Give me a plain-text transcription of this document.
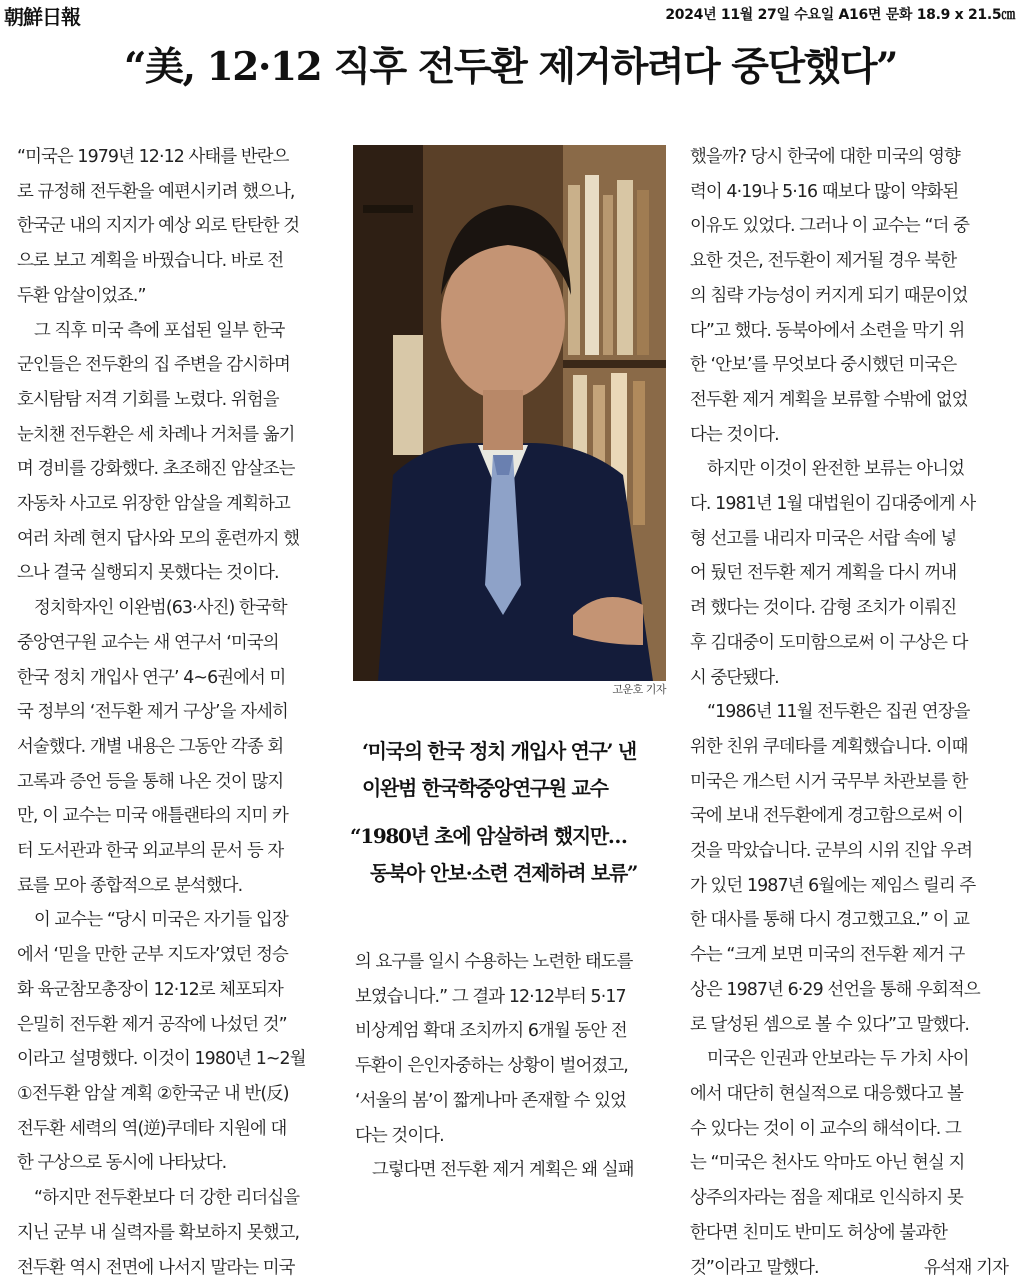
朝鮮日報	2024년 11월 27일 수요일 A16면 문화 18.9 x 21.5㎝
“美, 12·12 직후 전두환 제거하려다 중단했다”

“미국은 1979년 12·12 사태를 반란으

로 규정해 전두환을 예편시키려 했으나,

한국군 내의 지지가 예상 외로 탄탄한 것

으로 보고 계획을 바꿨습니다. 바로 전

두환 암살이었죠.”

그 직후 미국 측에 포섭된 일부 한국

군인들은 전두환의 집 주변을 감시하며

호시탐탐 저격 기회를 노렸다. 위험을

눈치챈 전두환은 세 차례나 거처를 옮기

며 경비를 강화했다. 초조해진 암살조는

자동차 사고로 위장한 암살을 계획하고

여러 차례 현지 답사와 모의 훈련까지 했

으나 결국 실행되지 못했다는 것이다.

정치학자인 이완범(63·사진) 한국학

중앙연구원 교수는 새 연구서 ‘미국의

한국 정치 개입사 연구’ 4~6권에서 미

국 정부의 ‘전두환 제거 구상’을 자세히

서술했다. 개별 내용은 그동안 각종 회

고록과 증언 등을 통해 나온 것이 많지

만, 이 교수는 미국 애틀랜타의 지미 카

터 도서관과 한국 외교부의 문서 등 자

료를 모아 종합적으로 분석했다.

이 교수는 “당시 미국은 자기들 입장

에서 ‘믿을 만한 군부 지도자’였던 정승

화 육군참모총장이 12·12로 체포되자

은밀히 전두환 제거 공작에 나섰던 것”

이라고 설명했다. 이것이 1980년 1~2월

①전두환 암살 계획 ②한국군 내 반(反)

전두환 세력의 역(逆)쿠데타 지원에 대

한 구상으로 동시에 나타났다.

“하지만 전두환보다 더 강한 리더십을

지닌 군부 내 실력자를 확보하지 못했고,

전두환 역시 전면에 나서지 말라는 미국

고운호 기자

‘미국의 한국 정치 개입사 연구’ 낸

이완범 한국학중앙연구원 교수

“1980년 초에 암살하려 했지만…

동북아 안보·소련 견제하려 보류”

의 요구를 일시 수용하는 노련한 태도를

보였습니다.” 그 결과 12·12부터 5·17

비상계엄 확대 조치까지 6개월 동안 전

두환이 은인자중하는 상황이 벌어졌고,

‘서울의 봄’이 짧게나마 존재할 수 있었

다는 것이다.

그렇다면 전두환 제거 계획은 왜 실패

했을까? 당시 한국에 대한 미국의 영향

력이 4·19나 5·16 때보다 많이 약화된

이유도 있었다. 그러나 이 교수는 “더 중

요한 것은, 전두환이 제거될 경우 북한

의 침략 가능성이 커지게 되기 때문이었

다”고 했다. 동북아에서 소련을 막기 위

한 ‘안보’를 무엇보다 중시했던 미국은

전두환 제거 계획을 보류할 수밖에 없었

다는 것이다.

하지만 이것이 완전한 보류는 아니었

다. 1981년 1월 대법원이 김대중에게 사

형 선고를 내리자 미국은 서랍 속에 넣

어 뒀던 전두환 제거 계획을 다시 꺼내

려 했다는 것이다. 감형 조치가 이뤄진

후 김대중이 도미함으로써 이 구상은 다

시 중단됐다.

“1986년 11월 전두환은 집권 연장을

위한 친위 쿠데타를 계획했습니다. 이때

미국은 개스턴 시거 국무부 차관보를 한

국에 보내 전두환에게 경고함으로써 이

것을 막았습니다. 군부의 시위 진압 우려

가 있던 1987년 6월에는 제임스 릴리 주

한 대사를 통해 다시 경고했고요.” 이 교

수는 “크게 보면 미국의 전두환 제거 구

상은 1987년 6·29 선언을 통해 우회적으

로 달성된 셈으로 볼 수 있다”고 말했다.

미국은 인권과 안보라는 두 가치 사이

에서 대단히 현실적으로 대응했다고 볼

수 있다는 것이 이 교수의 해석이다. 그

는 “미국은 천사도 악마도 아닌 현실 지

상주의자라는 점을 제대로 인식하지 못

한다면 친미도 반미도 허상에 불과한

것”이라고 말했다.	유석재 기자
